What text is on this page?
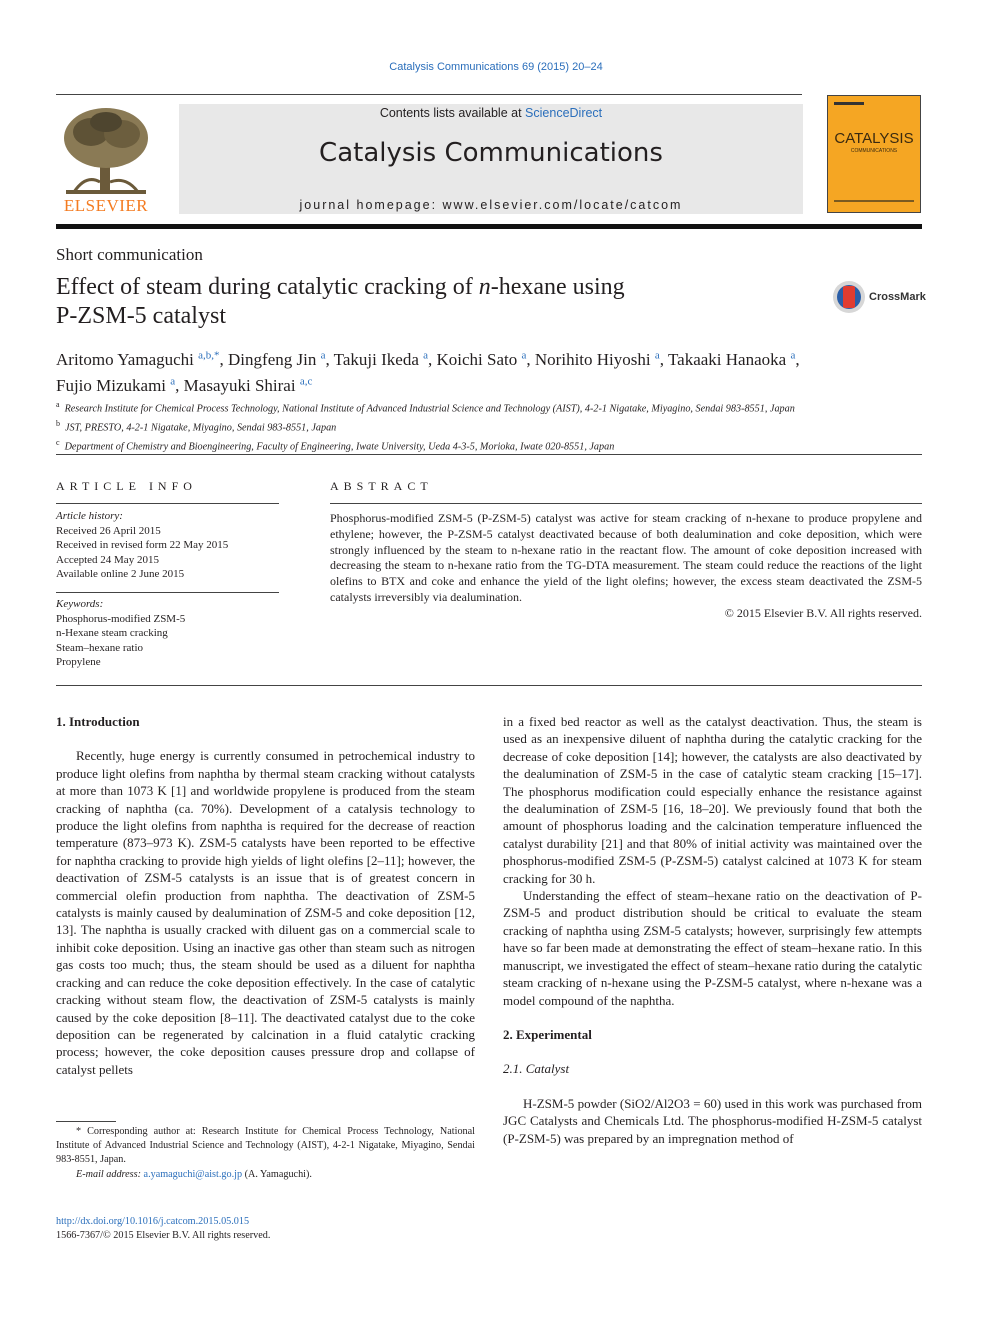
Catalysis Communications 69 (2015) 20–24
ELSEVIER
Contents lists available at ScienceDirect
Catalysis Communications
journal homepage: www.elsevier.com/locate/catcom
CATALYSIS
COMMUNICATIONS
Short communication
Effect of steam during catalytic cracking of n-hexane using
P-ZSM-5 catalyst
CrossMark
Aritomo Yamaguchi $^{a,b,*}$, Dingfeng Jin $^a$, Takuji Ikeda $^a$, Koichi Sato $^a$, Norihito Hiyoshi $^a$, Takaaki Hanaoka $^a$,
Fujio Mizukami $^a$, Masayuki Shirai $^{a,c}$
$^a$ Research Institute for Chemical Process Technology, National Institute of Advanced Industrial Science and Technology (AIST), 4-2-1 Nigatake, Miyagino, Sendai 983-8551, Japan
$^b$ JST, PRESTO, 4-2-1 Nigatake, Miyagino, Sendai 983-8551, Japan
$^c$ Department of Chemistry and Bioengineering, Faculty of Engineering, Iwate University, Ueda 4-3-5, Morioka, Iwate 020-8551, Japan
ARTICLE INFO
Article history:
Received 26 April 2015
Received in revised form 22 May 2015
Accepted 24 May 2015
Available online 2 June 2015
Keywords:
Phosphorus-modified ZSM-5
n-Hexane steam cracking
Steam–hexane ratio
Propylene
ABSTRACT
Phosphorus-modified ZSM-5 (P-ZSM-5) catalyst was active for steam cracking of n-hexane to produce propylene and ethylene; however, the P-ZSM-5 catalyst deactivated because of both dealumination and coke deposition, which were strongly influenced by the steam to n-hexane ratio in the reactant flow. The amount of coke deposition increased with decreasing the steam to n-hexane ratio from the TG-DTA measurement. The steam could reduce the reactions of the light olefins to BTX and coke and enhance the yield of the light olefins; however, the excess steam deactivated the ZSM-5 catalysts irreversibly via dealumination.
© 2015 Elsevier B.V. All rights reserved.

1. Introduction

Recently, huge energy is currently consumed in petrochemical industry to produce light olefins from naphtha by thermal steam cracking without catalysts at more than 1073 K [1] and worldwide propylene is produced from the steam cracking of naphtha (ca. 70%). Development of a catalysis technology to produce the light olefins from naphtha is required for the decrease of reaction temperature (873–973 K). ZSM-5 catalysts have been reported to be effective for naphtha cracking to provide high yields of light olefins [2–11]; however, the deactivation of ZSM-5 catalysts is an issue that is of greatest concern in commercial olefin production from naphtha. The deactivation of ZSM-5 catalysts is mainly caused by dealumination of ZSM-5 and coke deposition [12, 13]. The naphtha is usually cracked with diluent gas on a commercial scale to inhibit coke deposition. Using an inactive gas other than steam such as nitrogen gas costs too much; thus, the steam should be used as a diluent for naphtha cracking and can reduce the coke deposition effectively. In the case of catalytic cracking without steam flow, the deactivation of ZSM-5 catalysts is mainly caused by the coke deposition [8–11]. The deactivated catalyst due to the coke deposition can be regenerated by calcination in a fluid catalytic cracking process; however, the coke deposition causes pressure drop and collapse of catalyst pellets

in a fixed bed reactor as well as the catalyst deactivation. Thus, the steam is used as an inexpensive diluent of naphtha during the catalytic cracking for the decrease of coke deposition [14]; however, the catalysts are also deactivated by the dealumination of ZSM-5 in the case of catalytic steam cracking [15–17]. The phosphorus modification could especially enhance the resistance against the dealumination of ZSM-5 [16, 18–20]. We previously found that both the amount of phosphorus loading and the calcination temperature influenced the catalyst durability [21] and that 80% of initial activity was maintained over the phosphorus-modified ZSM-5 (P-ZSM-5) catalyst calcined at 1073 K for steam cracking for 30 h.

Understanding the effect of steam–hexane ratio on the deactivation of P-ZSM-5 and product distribution should be critical to evaluate the steam cracking of naphtha using ZSM-5 catalysts; however, surprisingly few attempts have so far been made at demonstrating the effect of steam–hexane ratio. In this manuscript, we investigated the effect of steam–hexane ratio during the catalytic steam cracking of n-hexane using the P-ZSM-5 catalyst, where n-hexane was a model compound of the naphtha.

2. Experimental

2.1. Catalyst

H-ZSM-5 powder (SiO2/Al2O3 = 60) used in this work was purchased from JGC Catalysts and Chemicals Ltd. The phosphorus-modified H-ZSM-5 catalyst (P-ZSM-5) was prepared by an impregnation method of

* Corresponding author at: Research Institute for Chemical Process Technology, National Institute of Advanced Industrial Science and Technology (AIST), 4-2-1 Nigatake, Miyagino, Sendai 983-8551, Japan.
E-mail address: a.yamaguchi@aist.go.jp (A. Yamaguchi).
http://dx.doi.org/10.1016/j.catcom.2015.05.015
1566-7367/© 2015 Elsevier B.V. All rights reserved.
